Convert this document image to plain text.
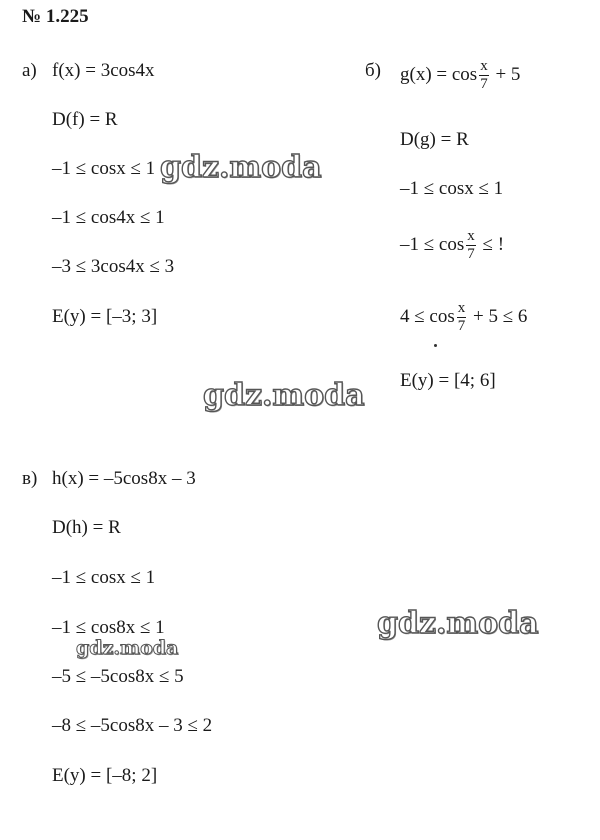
№ 1.225
а) f(x) = 3cos4x
D(f) = R
–1 ≤ cosx ≤ 1
–1 ≤ cos4x ≤ 1
–3 ≤ 3cos4x ≤ 3
E(y) = [–3; 3]
б) $g(x) = \cos \frac{x}{7} + 5$
D(g) = R
–1 ≤ cosx ≤ 1
$-1 \le \cos \frac{x}{7}$ ≤ !
$4 \le \cos \frac{x}{7} + 5 \le 6$
E(y) = [4; 6]
в) h(x) = –5cos8x – 3
D(h) = R
–1 ≤ cosx ≤ 1
–1 ≤ cos8x ≤ 1
–5 ≤ –5cos8x ≤ 5
–8 ≤ –5cos8x – 3 ≤ 2
E(y) = [–8; 2]
gdz.moda
gdz.moda
gdz.moda
gdz.moda
